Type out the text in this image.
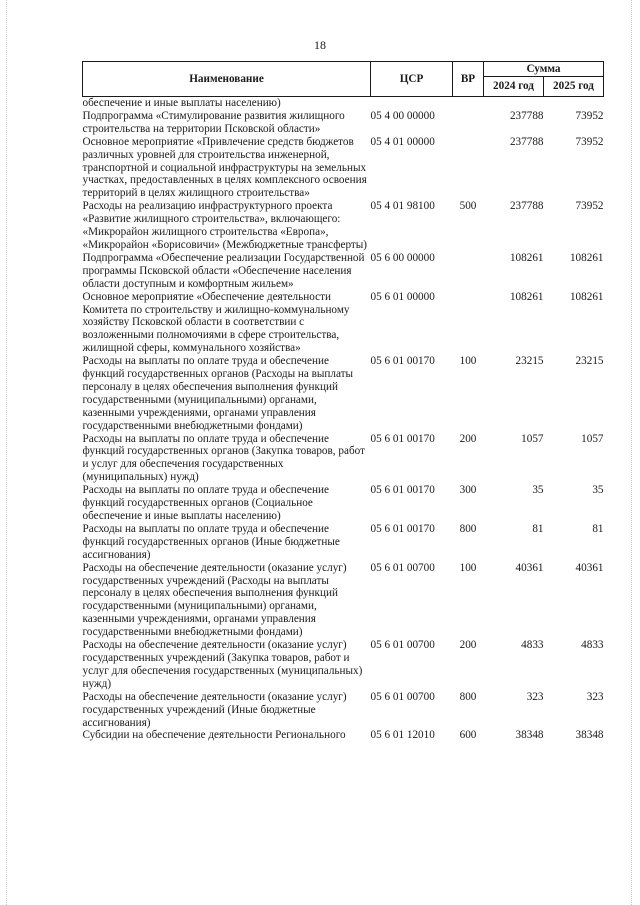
18
Наименование	ЦСР	ВР	Сумма	
			2024 год	2025 год
обеспечение и иные выплаты населению)				
Подпрограмма «Стимулирование развития жилищного строительства на территории Псковской области»	05 4 00 00000		237788	73952
Основное мероприятие «Привлечение средств бюджетов различных уровней для строительства инженерной, транспортной и социальной инфраструктуры на земельных участках, предоставленных в целях комплексного освоения территорий в целях жилищного строительства»	05 4 01 00000		237788	73952
Расходы на реализацию инфраструктурного проекта «Развитие жилищного строительства», включающего: «Микрорайон жилищного строительства «Европа», «Микрорайон «Борисовичи» (Межбюджетные трансферты)	05 4 01 98100	500	237788	73952
Подпрограмма «Обеспечение реализации Государственной программы Псковской области «Обеспечение населения области доступным и комфортным жильем»	05 6 00 00000		108261	108261
Основное мероприятие «Обеспечение деятельности Комитета по строительству и жилищно-коммунальному хозяйству Псковской области в соответствии с возложенными полномочиями в сфере строительства, жилищной сферы, коммунального хозяйства»	05 6 01 00000		108261	108261
Расходы на выплаты по оплате труда и обеспечение функций государственных органов (Расходы на выплаты персоналу в целях обеспечения выполнения функций государственными (муниципальными) органами, казенными учреждениями, органами управления государственными внебюджетными фондами)	05 6 01 00170	100	23215	23215
Расходы на выплаты по оплате труда и обеспечение функций государственных органов (Закупка товаров, работ и услуг для обеспечения государственных (муниципальных) нужд)	05 6 01 00170	200	1057	1057
Расходы на выплаты по оплате труда и обеспечение функций государственных органов (Социальное обеспечение и иные выплаты населению)	05 6 01 00170	300	35	35
Расходы на выплаты по оплате труда и обеспечение функций государственных органов (Иные бюджетные ассигнования)	05 6 01 00170	800	81	81
Расходы на обеспечение деятельности (оказание услуг) государственных учреждений (Расходы на выплаты персоналу в целях обеспечения выполнения функций государственными (муниципальными) органами, казенными учреждениями, органами управления государственными внебюджетными фондами)	05 6 01 00700	100	40361	40361
Расходы на обеспечение деятельности (оказание услуг) государственных учреждений (Закупка товаров, работ и услуг для обеспечения государственных (муниципальных) нужд)	05 6 01 00700	200	4833	4833
Расходы на обеспечение деятельности (оказание услуг) государственных учреждений (Иные бюджетные ассигнования)	05 6 01 00700	800	323	323
Субсидии на обеспечение деятельности Регионального	05 6 01 12010	600	38348	38348
